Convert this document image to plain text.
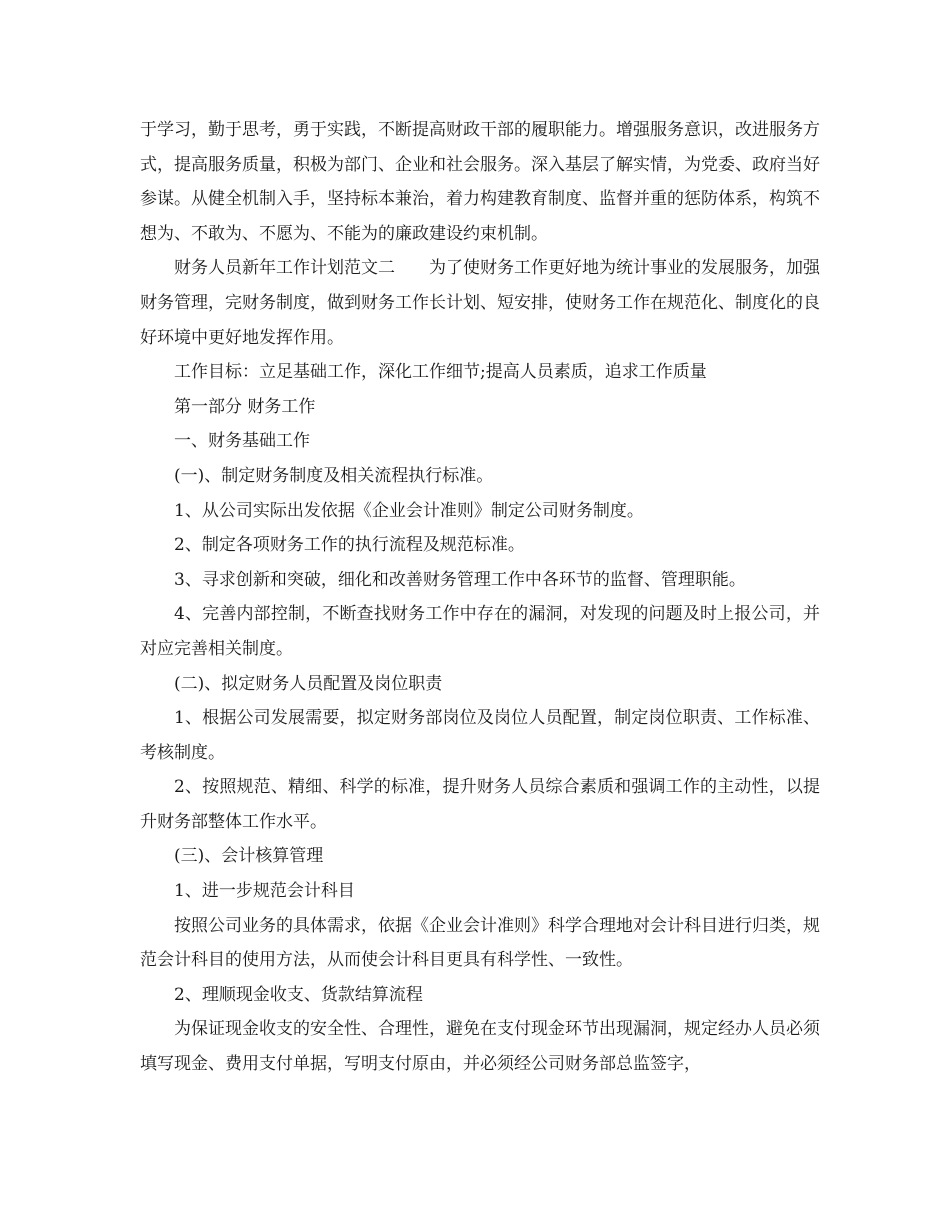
于学习，勤于思考，勇于实践，不断提高财政干部的履职能力。增强服务意识，改进服务方式，提高服务质量，积极为部门、企业和社会服务。深入基层了解实情，为党委、政府当好参谋。从健全机制入手，坚持标本兼治，着力构建教育制度、监督并重的惩防体系，构筑不想为、不敢为、不愿为、不能为的廉政建设约束机制。

财务人员新年工作计划范文二 为了使财务工作更好地为统计事业的发展服务，加强财务管理，完财务制度，做到财务工作长计划、短安排，使财务工作在规范化、制度化的良好环境中更好地发挥作用。

工作目标：立足基础工作，深化工作细节;提高人员素质，追求工作质量

第一部分 财务工作

一、财务基础工作

(一)、制定财务制度及相关流程执行标准。

1、从公司实际出发依据《企业会计准则》制定公司财务制度。

2、制定各项财务工作的执行流程及规范标准。

3、寻求创新和突破，细化和改善财务管理工作中各环节的监督、管理职能。

4、完善内部控制，不断查找财务工作中存在的漏洞，对发现的问题及时上报公司，并对应完善相关制度。

(二)、拟定财务人员配置及岗位职责

1、根据公司发展需要，拟定财务部岗位及岗位人员配置，制定岗位职责、工作标准、考核制度。

2、按照规范、精细、科学的标准，提升财务人员综合素质和强调工作的主动性，以提升财务部整体工作水平。

(三)、会计核算管理

1、进一步规范会计科目

按照公司业务的具体需求，依据《企业会计准则》科学合理地对会计科目进行归类，规范会计科目的使用方法，从而使会计科目更具有科学性、一致性。

2、理顺现金收支、货款结算流程

为保证现金收支的安全性、合理性，避免在支付现金环节出现漏洞，规定经办人员必须填写现金、费用支付单据，写明支付原由，并必须经公司财务部总监签字，
